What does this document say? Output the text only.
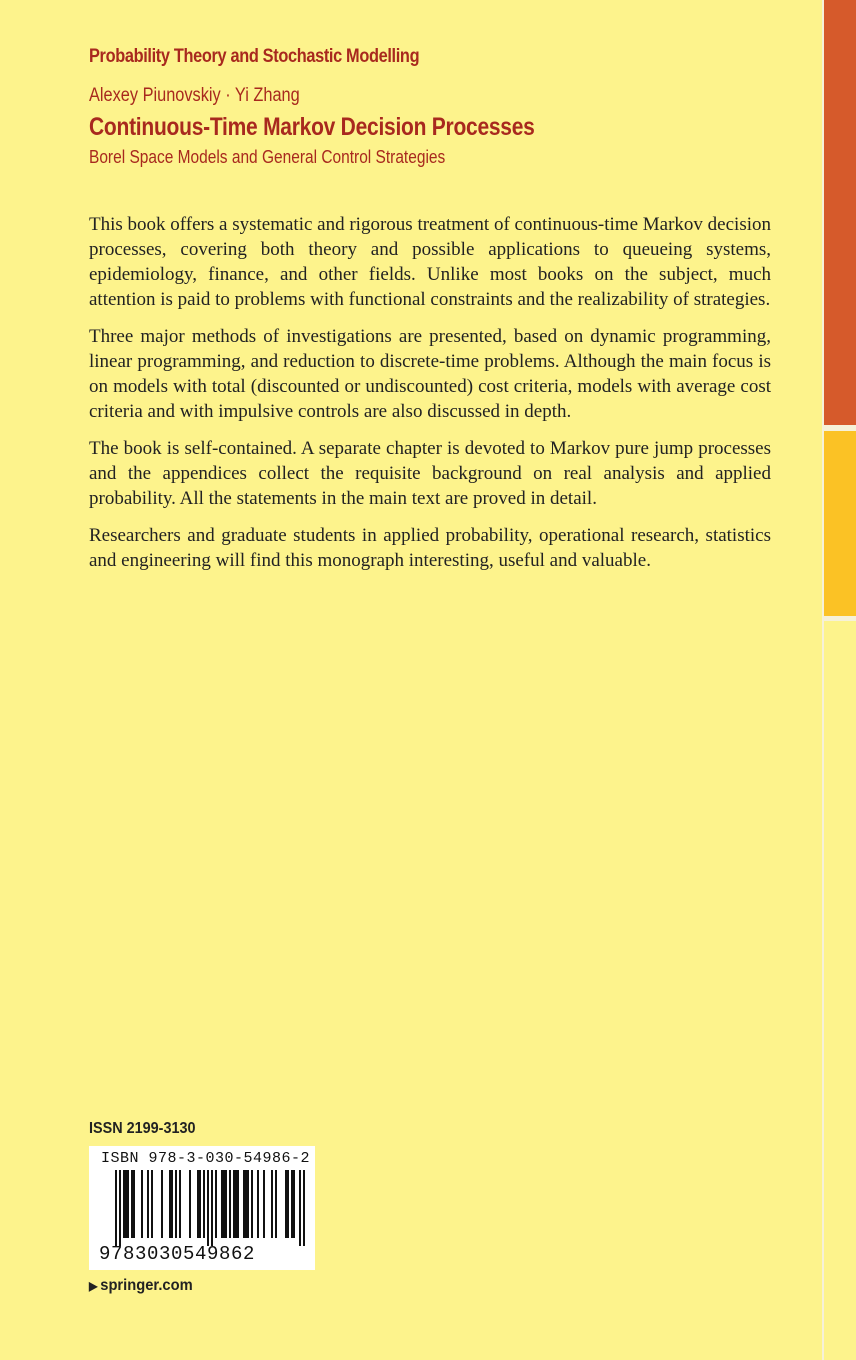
Probability Theory and Stochastic Modelling
Alexey Piunovskiy · Yi Zhang
Continuous-Time Markov Decision Processes
Borel Space Models and General Control Strategies

This book offers a systematic and rigorous treatment of continuous-time Markov decision processes, covering both theory and possible applications to queueing systems, epidemiology, finance, and other fields. Unlike most books on the subject, much attention is paid to problems with functional constraints and the realizability of strategies.

Three major methods of investigations are presented, based on dynamic programming, linear programming, and reduction to discrete-time problems. Although the main focus is on models with total (discounted or undiscounted) cost criteria, models with average cost criteria and with impulsive controls are also discussed in depth.

The book is self-contained. A separate chapter is devoted to Markov pure jump processes and the appendices collect the requisite background on real analysis and applied probability. All the statements in the main text are proved in detail.

Researchers and graduate students in applied probability, operational research, statistics and engineering will find this monograph interesting, useful and valuable.

ISSN 2199-3130
ISBN 978-3-030-54986-2
9783030549862
▶ springer.com
